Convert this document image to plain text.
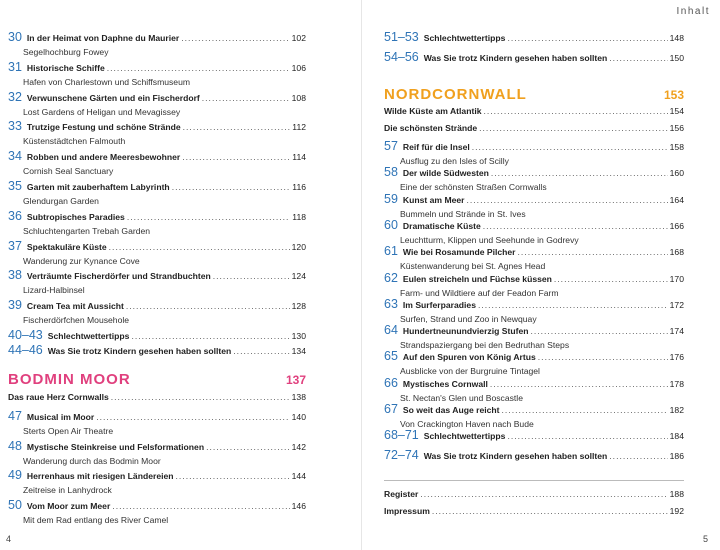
30 In der Heimat von Daphne du Maurier .....	102
Segelhochburg Fowey
31 Historische Schiffe .....	106
Hafen von Charlestown und Schiffsmuseum
32 Verwunschene Gärten und ein Fischerdorf .....	108
Lost Gardens of Heligan und Mevagissey
33 Trutzige Festung und schöne Strände .....	112
Küstenstädtchen Falmouth
34 Robben und andere Meeresbewohner .....	114
Cornish Seal Sanctuary
35 Garten mit zauberhaftem Labyrinth .....	116
Glendurgan Garden
36 Subtropisches Paradies .....	118
Schluchtengarten Trebah Garden
37 Spektakuläre Küste .....	120
Wanderung zur Kynance Cove
38 Verträumte Fischerdörfer und Strandbuchten .....	124
Lizard-Halbinsel
39 Cream Tea mit Aussicht .....	128
Fischerdörfchen Mousehole
40–43 Schlechtwettertipps .....	130
44–46 Was Sie trotz Kindern gesehen haben sollten .....	134
BODMIN MOOR	137
Das raue Herz Cornwalls .....	138
47 Musical im Moor .....	140
Sterts Open Air Theatre
48 Mystische Steinkreise und Felsformationen .....	142
Wanderung durch das Bodmin Moor
49 Herrenhaus mit riesigen Ländereien .....	144
Zeitreise in Lanhydrock
50 Vom Moor zum Meer .....	146
Mit dem Rad entlang des River Camel
4
Inhalt
51–53 Schlechtwettertipps .....	148
54–56 Was Sie trotz Kindern gesehen haben sollten .....	150
NORDCORNWALL	153
Wilde Küste am Atlantik .....	154
Die schönsten Strände .....	156
57 Reif für die Insel .....	158
Ausflug zu den Isles of Scilly
58 Der wilde Südwesten .....	160
Eine der schönsten Straßen Cornwalls
59 Kunst am Meer .....	164
Bummeln und Strände in St. Ives
60 Dramatische Küste .....	166
Leuchtturm, Klippen und Seehunde in Godrevy
61 Wie bei Rosamunde Pilcher .....	168
Küstenwanderung bei St. Agnes Head
62 Eulen streicheln und Füchse küssen .....	170
Farm- und Wildtiere auf der Feadon Farm
63 Im Surferparadies .....	172
Surfen, Strand und Zoo in Newquay
64 Hundertneunundvierzig Stufen .....	174
Strandspaziergang bei den Bedruthan Steps
65 Auf den Spuren von König Artus .....	176
Ausblicke von der Burgruine Tintagel
66 Mystisches Cornwall .....	178
St. Nectan's Glen und Boscastle
67 So weit das Auge reicht .....	182
Von Crackington Haven nach Bude
68–71 Schlechtwettertipps .....	184
72–74 Was Sie trotz Kindern gesehen haben sollten .....	186
Register .....	188
Impressum .....	192
5
